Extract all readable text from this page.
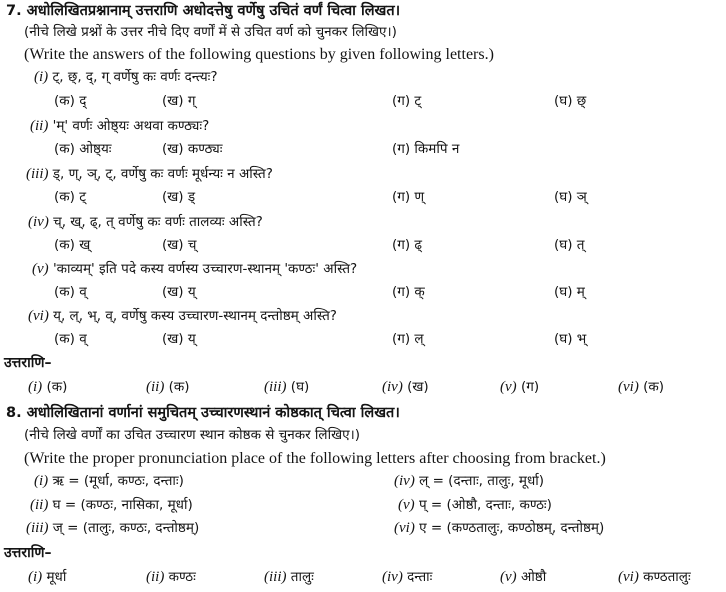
7. अधोलिखितप्रश्नानाम् उत्तराणि अधोदत्तेषु वर्णेषु उचितं वर्णं चित्वा लिखत।
(नीचे लिखे प्रश्नों के उत्तर नीचे दिए वर्णों में से उचित वर्ण को चुनकर लिखिए।)
(Write the answers of the following questions by given following letters.)
(i) ट्, छ्, द्, ग् वर्णेषु कः वर्णः दन्त्यः?
(क) द्	(ख) ग्	(ग) ट्	(घ) छ्
(ii) 'म्' वर्णः ओष्ठ्यः अथवा कण्ठ्यः?
(क) ओष्ठ्यः	(ख) कण्ठ्यः	(ग) किमपि न
(iii) ड्, ण्, ञ्, ट्, वर्णेषु कः वर्णः मूर्धन्यः न अस्ति?
(क) ट्	(ख) ड्	(ग) ण्	(घ) ञ्
(iv) च्, ख्, ढ्, त् वर्णेषु कः वर्णः तालव्यः अस्ति?
(क) ख्	(ख) च्	(ग) ढ्	(घ) त्
(v) 'काव्यम्' इति पदे कस्य वर्णस्य उच्चारण-स्थानम् 'कण्ठः' अस्ति?
(क) व्	(ख) य्	(ग) क्	(घ) म्
(vi) य्, ल्, भ्, व्, वर्णेषु कस्य उच्चारण-स्थानम् दन्तोष्ठम् अस्ति?
(क) व्	(ख) य्	(ग) ल्	(घ) भ्
उत्तराणि–
(i) (क)	(ii) (क)	(iii) (घ)	(iv) (ख)	(v) (ग)	(vi) (क)
8. अधोलिखितानां वर्णानां समुचितम् उच्चारणस्थानं कोष्ठकात् चित्वा लिखत।
(नीचे लिखे वर्णों का उचित उच्चारण स्थान कोष्ठक से चुनकर लिखिए।)
(Write the proper pronunciation place of the following letters after choosing from bracket.)
(i) ऋ = (मूर्धा, कण्ठः, दन्ताः)
(ii) घ = (कण्ठः, नासिका, मूर्धा)
(iii) ज् = (तालुः, कण्ठः, दन्तोष्ठम्)
(iv) ल् = (दन्ताः, तालुः, मूर्धा)
(v) प् = (ओष्ठौ, दन्ताः, कण्ठः)
(vi) ए = (कण्ठतालुः, कण्ठोष्ठम्, दन्तोष्ठम्)
उत्तराणि–
(i) मूर्धा	(ii) कण्ठः	(iii) तालुः	(iv) दन्ताः	(v) ओष्ठौ	(vi) कण्ठतालुः
